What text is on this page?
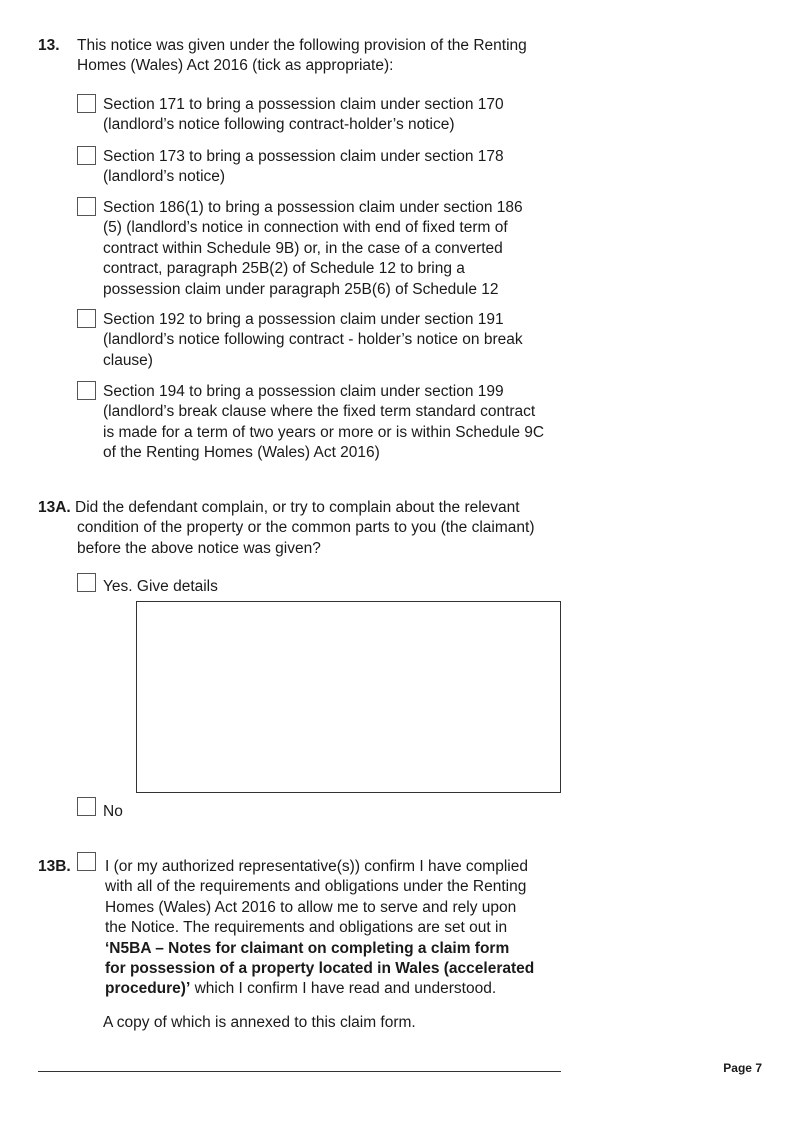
13. This notice was given under the following provision of the Renting
Homes (Wales) Act 2016 (tick as appropriate):
Section 171 to bring a possession claim under section 170
(landlord’s notice following contract-holder’s notice)
Section 173 to bring a possession claim under section 178
(landlord’s notice)
Section 186(1) to bring a possession claim under section 186
(5) (landlord’s notice in connection with end of fixed term of
contract within Schedule 9B) or, in the case of a converted
contract, paragraph 25B(2) of Schedule 12 to bring a
possession claim under paragraph 25B(6) of Schedule 12
Section 192 to bring a possession claim under section 191
(landlord’s notice following contract - holder’s notice on break
clause)
Section 194 to bring a possession claim under section 199
(landlord’s break clause where the fixed term standard contract
is made for a term of two years or more or is within Schedule 9C
of the Renting Homes (Wales) Act 2016)
13A. Did the defendant complain, or try to complain about the relevant
condition of the property or the common parts to you (the claimant)
before the above notice was given?
Yes. Give details
No
13B. I (or my authorized representative(s)) confirm I have complied
with all of the requirements and obligations under the Renting
Homes (Wales) Act 2016 to allow me to serve and rely upon
the Notice. The requirements and obligations are set out in
‘N5BA – Notes for claimant on completing a claim form
for possession of a property located in Wales (accelerated
procedure)’ which I confirm I have read and understood.
A copy of which is annexed to this claim form.
Page 7
